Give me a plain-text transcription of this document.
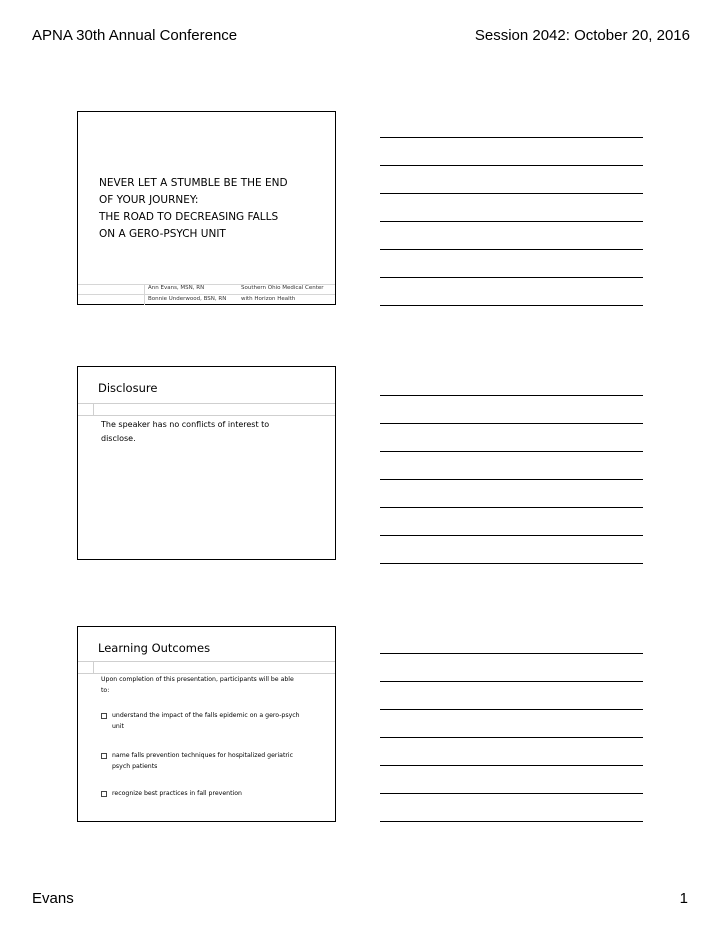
APNA 30th Annual Conference	Session 2042: October 20, 2016
NEVER LET A STUMBLE BE THE END
OF YOUR JOURNEY:
THE ROAD TO DECREASING FALLS
ON A GERO-PSYCH UNIT
Ann Evans, MSN, RN	Southern Ohio Medical Center
Bonnie Underwood, BSN, RN	with Horizon Health
Disclosure
The speaker has no conflicts of interest to
disclose.
Learning Outcomes
Upon completion of this presentation, participants will be able
to:
understand the impact of the falls epidemic on a gero-psych
unit
name falls prevention techniques for hospitalized geriatric
psych patients
recognize best practices in fall prevention
Evans	1
